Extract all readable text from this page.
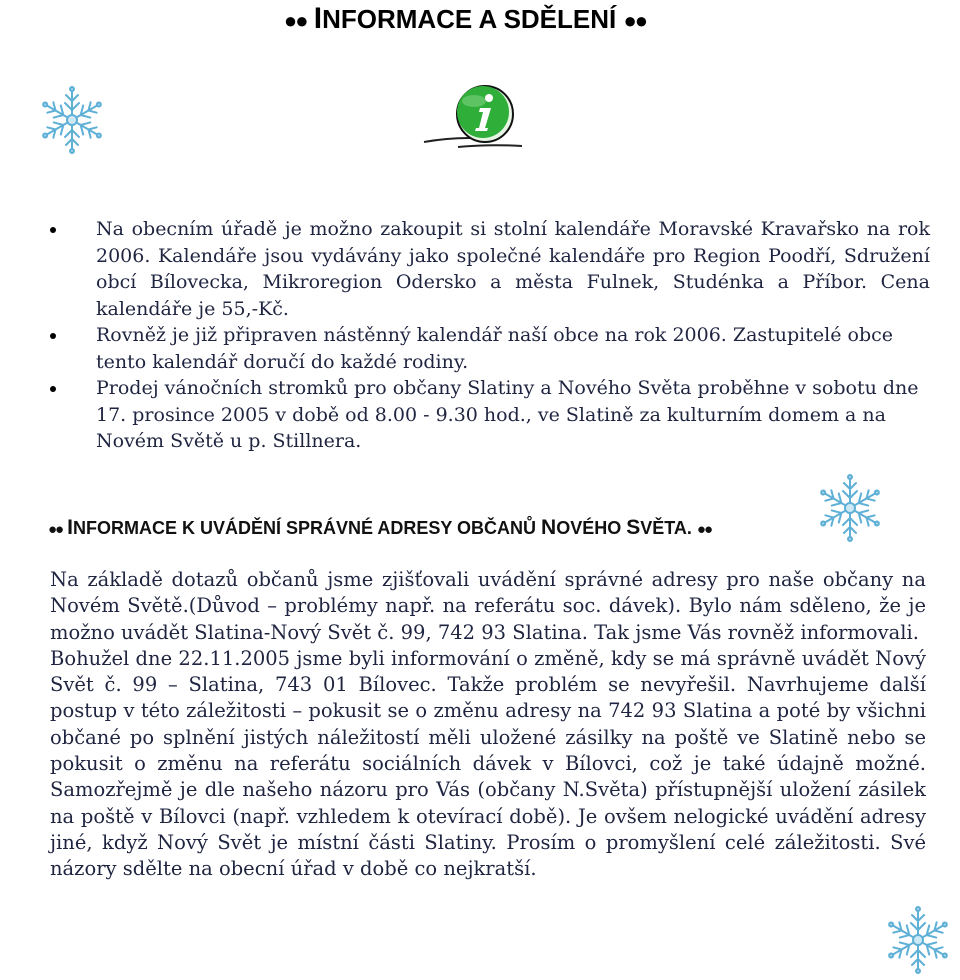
●● INFORMACE A SDĚLENÍ ●●
Na obecním úřadě je možno zakoupit si stolní kalendáře Moravské Kravařsko na rok 2006. Kalendáře jsou vydávány jako společné kalendáře pro Region Poodří, Sdružení obcí Bílovecka, Mikroregion Odersko a města Fulnek, Studénka a Příbor. Cena kalendáře je 55,-Kč.
Rovněž je již připraven nástěnný kalendář naší obce na rok 2006. Zastupitelé obce tento kalendář doručí do každé rodiny.
Prodej vánočních stromků pro občany Slatiny a Nového Světa proběhne v sobotu dne 17. prosince 2005 v době od 8.00 - 9.30 hod., ve Slatině za kulturním domem a na Novém Světě u p. Stillnera.
●● INFORMACE K UVÁDĚNÍ SPRÁVNÉ ADRESY OBČANŮ NOVÉHO SVĚTA. ●●
Na základě dotazů občanů jsme zjišťovali uvádění správné adresy pro naše občany na Novém Světě.(Důvod – problémy např. na referátu soc. dávek). Bylo nám sděleno, že je možno uvádět Slatina-Nový Svět č. 99, 742 93 Slatina. Tak jsme Vás rovněž informovali.
Bohužel dne 22.11.2005 jsme byli informování o změně, kdy se má správně uvádět Nový Svět č. 99 – Slatina, 743 01 Bílovec. Takže problém se nevyřešil. Navrhujeme další postup v této záležitosti – pokusit se o změnu adresy na 742 93 Slatina a poté by všichni občané po splnění jistých náležitostí měli uložené zásilky na poště ve Slatině nebo se pokusit o změnu na referátu sociálních dávek v Bílovci, což je také údajně možné. Samozřejmě je dle našeho názoru pro Vás (občany N.Světa) přístupnější uložení zásilek na poště v Bílovci (např. vzhledem k otevírací době). Je ovšem nelogické uvádění adresy jiné, když Nový Svět je místní části Slatiny. Prosím o promyšlení celé záležitosti. Své názory sdělte na obecní úřad v době co nejkratší.
